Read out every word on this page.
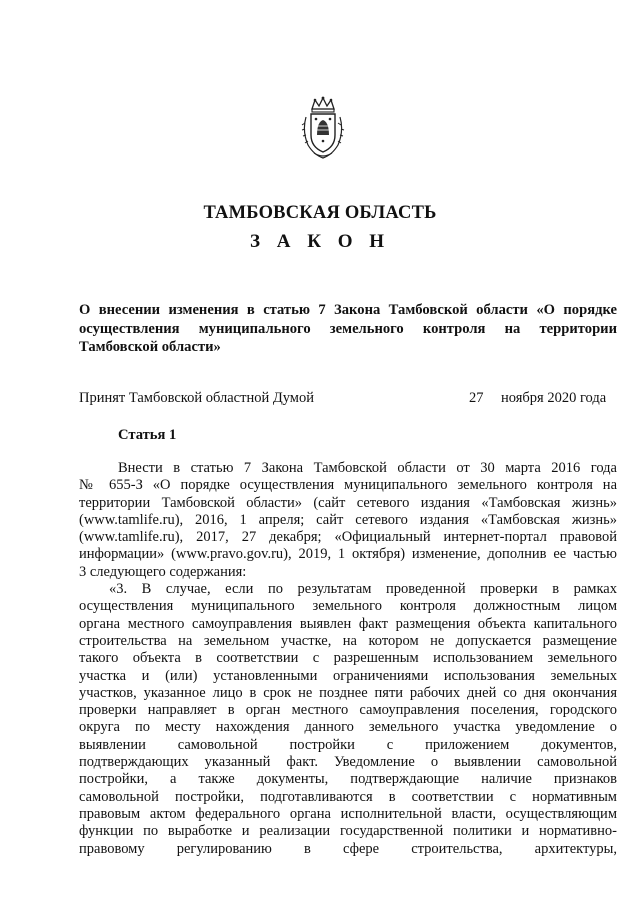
ТАМБОВСКАЯ ОБЛАСТЬ
З А К О Н
О внесении изменения в статью 7 Закона Тамбовской области «О порядке
осуществления муниципального земельного контроля на территории
Тамбовской области»
Принят Тамбовской областной Думой	27 ноября 2020 года
Статья 1
Внести в статью 7 Закона Тамбовской области от 30 марта 2016 года
№ 655-З «О порядке осуществления муниципального земельного контроля на
территории Тамбовской области» (сайт сетевого издания «Тамбовская жизнь»
(www.tamlife.ru), 2016, 1 апреля; сайт сетевого издания «Тамбовская жизнь»
(www.tamlife.ru), 2017, 27 декабря; «Официальный интернет-портал правовой
информации» (www.pravo.gov.ru), 2019, 1 октября) изменение, дополнив ее частью
3 следующего содержания:
«3. В случае, если по результатам проведенной проверки в рамках
осуществления муниципального земельного контроля должностным лицом
органа местного самоуправления выявлен факт размещения объекта капитального
строительства на земельном участке, на котором не допускается размещение
такого объекта в соответствии с разрешенным использованием земельного
участка и (или) установленными ограничениями использования земельных
участков, указанное лицо в срок не позднее пяти рабочих дней со дня окончания
проверки направляет в орган местного самоуправления поселения, городского
округа по месту нахождения данного земельного участка уведомление о
выявлении самовольной постройки с приложением документов,
подтверждающих указанный факт. Уведомление о выявлении самовольной
постройки, а также документы, подтверждающие наличие признаков
самовольной постройки, подготавливаются в соответствии с нормативным
правовым актом федерального органа исполнительной власти, осуществляющим
функции по выработке и реализации государственной политики и нормативно-
правовому регулированию в сфере строительства, архитектуры,
